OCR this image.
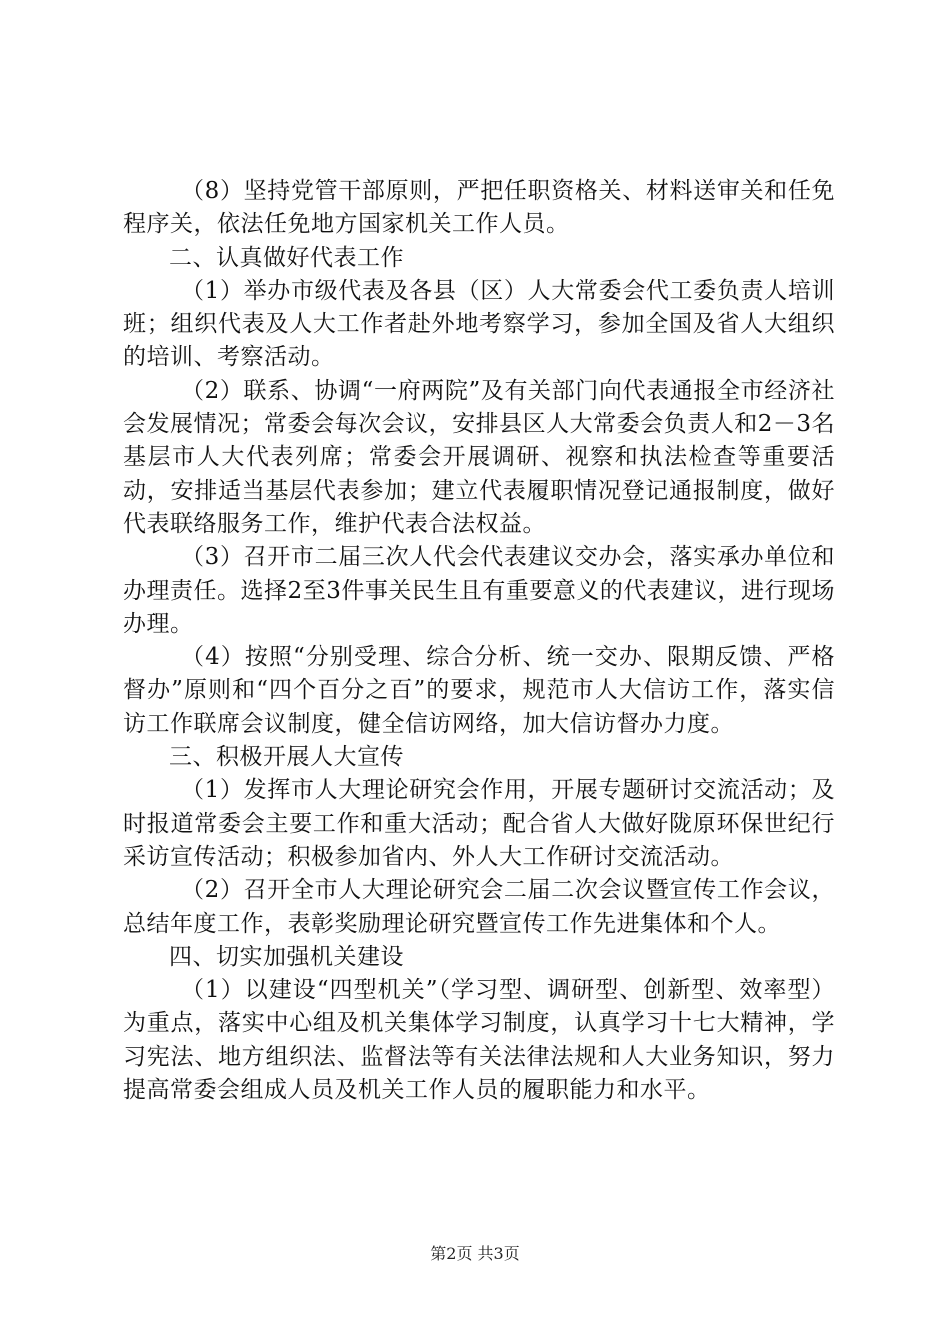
（8）坚持党管干部原则，严把任职资格关、材料送审关和任免程序关，依法任免地方国家机关工作人员。

二、认真做好代表工作

（1）举办市级代表及各县（区）人大常委会代工委负责人培训班；组织代表及人大工作者赴外地考察学习，参加全国及省人大组织的培训、考察活动。

（2）联系、协调“一府两院”及有关部门向代表通报全市经济社会发展情况；常委会每次会议，安排县区人大常委会负责人和2－3名基层市人大代表列席；常委会开展调研、视察和执法检查等重要活动，安排适当基层代表参加；建立代表履职情况登记通报制度，做好代表联络服务工作，维护代表合法权益。

（3）召开市二届三次人代会代表建议交办会，落实承办单位和办理责任。选择2至3件事关民生且有重要意义的代表建议，进行现场办理。

（4）按照“分别受理、综合分析、统一交办、限期反馈、严格督办”原则和“四个百分之百”的要求，规范市人大信访工作，落实信访工作联席会议制度，健全信访网络，加大信访督办力度。

三、积极开展人大宣传

（1）发挥市人大理论研究会作用，开展专题研讨交流活动；及时报道常委会主要工作和重大活动；配合省人大做好陇原环保世纪行采访宣传活动；积极参加省内、外人大工作研讨交流活动。

（2）召开全市人大理论研究会二届二次会议暨宣传工作会议，总结年度工作，表彰奖励理论研究暨宣传工作先进集体和个人。

四、切实加强机关建设

（1）以建设“四型机关”（学习型、调研型、创新型、效率型）为重点，落实中心组及机关集体学习制度，认真学习十七大精神，学习宪法、地方组织法、监督法等有关法律法规和人大业务知识，努力提高常委会组成人员及机关工作人员的履职能力和水平。

第2页 共3页
